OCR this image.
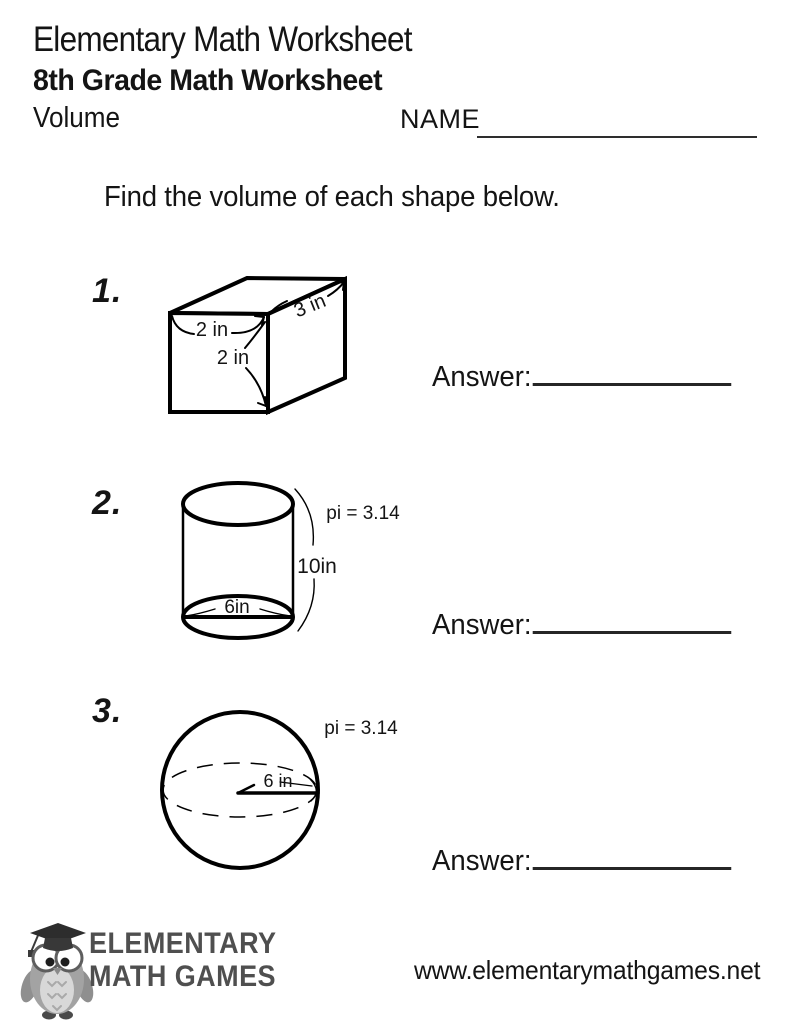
Elementary Math Worksheet
8th Grade Math Worksheet
Volume	NAME
Find the volume of each shape below.
1.
2 in
2 in
3 in
Answer:
2.
6in
10in
pi = 3.14
Answer:
3.
6 in
pi = 3.14
Answer:
ELEMENTARY
MATH GAMES	www.elementarymathgames.net
